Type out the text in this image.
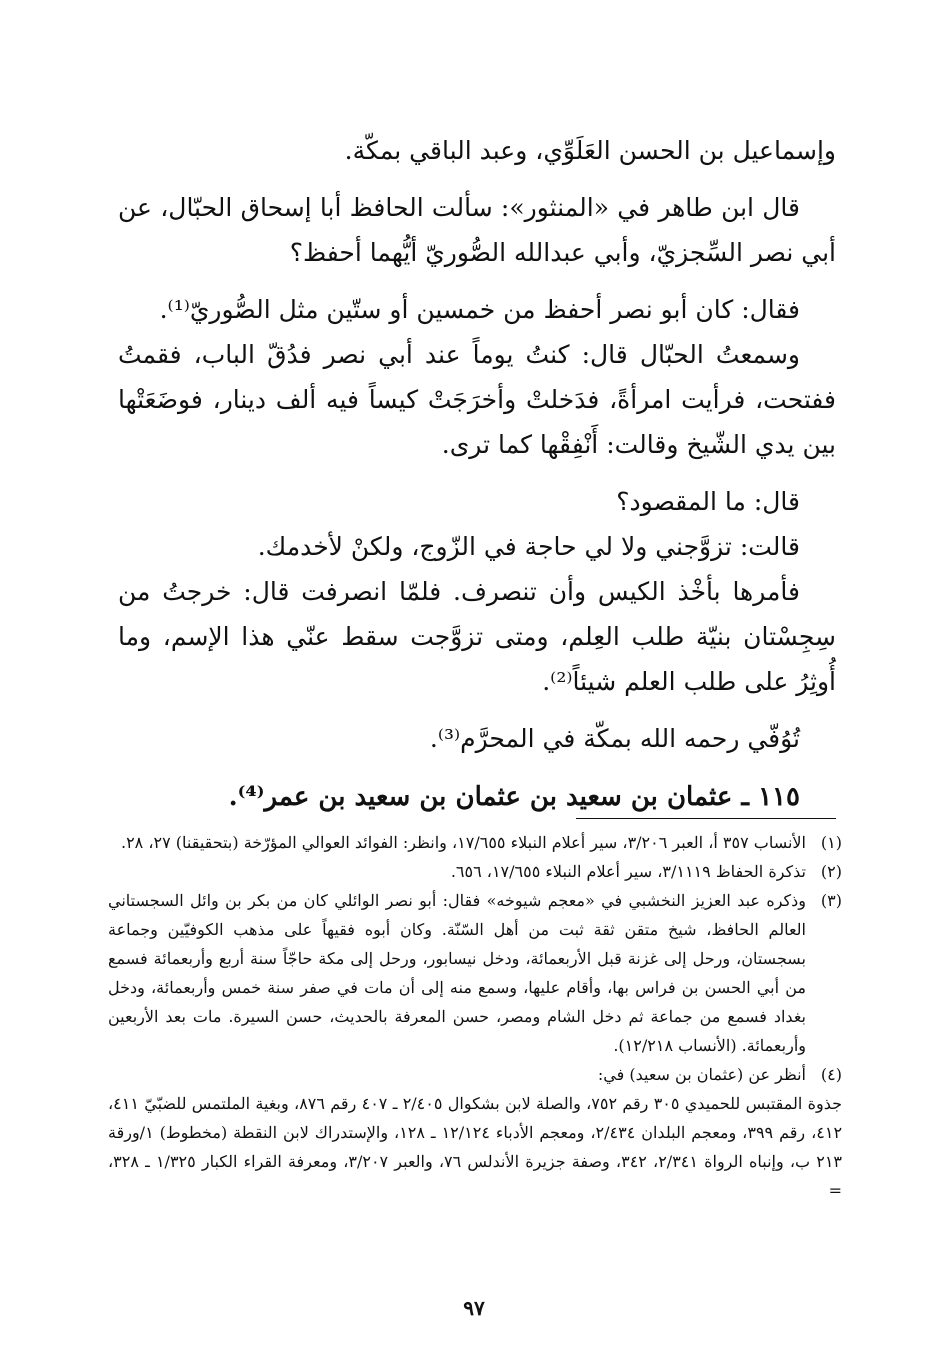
وإسماعيل بن الحسن العَلَوِّي، وعبد الباقي بمكّة.

قال ابن طاهر في «المنثور»: سألت الحافظ أبا إسحاق الحبّال، عن أبي نصر السِّجزيّ، وأبي عبدالله الصُّوريّ أيُّهما أحفظ؟

فقال: كان أبو نصر أحفظ من خمسين أو ستّين مثل الصُّوريّ⁽¹⁾.

وسمعتُ الحبّال قال: كنتُ يوماً عند أبي نصر فدُقّ الباب، فقمتُ ففتحت، فرأيت امرأةً، فدَخلتْ وأخرَجَتْ كيساً فيه ألف دينار، فوضَعَتْها بين يدي الشّيخ وقالت: أَنْفِقْها كما ترى.

قال: ما المقصود؟

قالت: تزوَّجني ولا لي حاجة في الزّوج، ولكنْ لأخدمك.

فأمرها بأخْذ الكيس وأن تنصرف. فلمّا انصرفت قال: خرجتُ من سِجِسْتان بنيّة طلب العِلم، ومتى تزوَّجت سقط عنّي هذا الإسم، وما أُوثِرُ على طلب العلم شيئاً⁽²⁾.

تُوُفّي رحمه الله بمكّة في المحرَّم⁽³⁾.

١١٥ ـ عثمان بن سعيد بن عثمان بن سعيد بن عمر⁽⁴⁾.

(١)
الأنساب ٣٥٧ أ، العبر ٣/٢٠٦، سير أعلام النبلاء ١٧/٦٥٥، وانظر: الفوائد العوالي المؤرّخة (بتحقيقنا) ٢٧، ٢٨.
(٢)
تذكرة الحفاظ ٣/١١١٩، سير أعلام النبلاء ١٧/٦٥٥، ٦٥٦.
(٣)
وذكره عبد العزيز النخشبي في «معجم شيوخه» فقال: أبو نصر الوائلي كان من بكر بن وائل السجستاني العالم الحافظ، شيخ متقن ثقة ثبت من أهل السّنّة. وكان أبوه فقيهاً على مذهب الكوفيّين وجماعة بسجستان، ورحل إلى غزنة قبل الأربعمائة، ودخل نيسابور، ورحل إلى مكة حاجّاً سنة أربع وأربعمائة فسمع من أبي الحسن بن فراس بها، وأقام عليها، وسمع منه إلى أن مات في صفر سنة خمس وأربعمائة، ودخل بغداد فسمع من جماعة ثم دخل الشام ومصر، حسن المعرفة بالحديث، حسن السيرة. مات بعد الأربعين وأربعمائة. (الأنساب ١٢/٢١٨).
(٤)
أنظر عن (عثمان بن سعيد) في:

جذوة المقتبس للحميدي ٣٠٥ رقم ٧٥٢، والصلة لابن بشكوال ٢/٤٠٥ ـ ٤٠٧ رقم ٨٧٦، وبغية الملتمس للضبّيّ ٤١١، ٤١٢، رقم ٣٩٩، ومعجم البلدان ٢/٤٣٤، ومعجم الأدباء ١٢/١٢٤ ـ ١٢٨، والإستدراك لابن النقطة (مخطوط) ١/ورقة ٢١٣ ب، وإنباه الرواة ٢/٣٤١، ٣٤٢، وصفة جزيرة الأندلس ٧٦، والعبر ٣/٢٠٧، ومعرفة القراء الكبار ١/٣٢٥ ـ ٣٢٨، =

٩٧
